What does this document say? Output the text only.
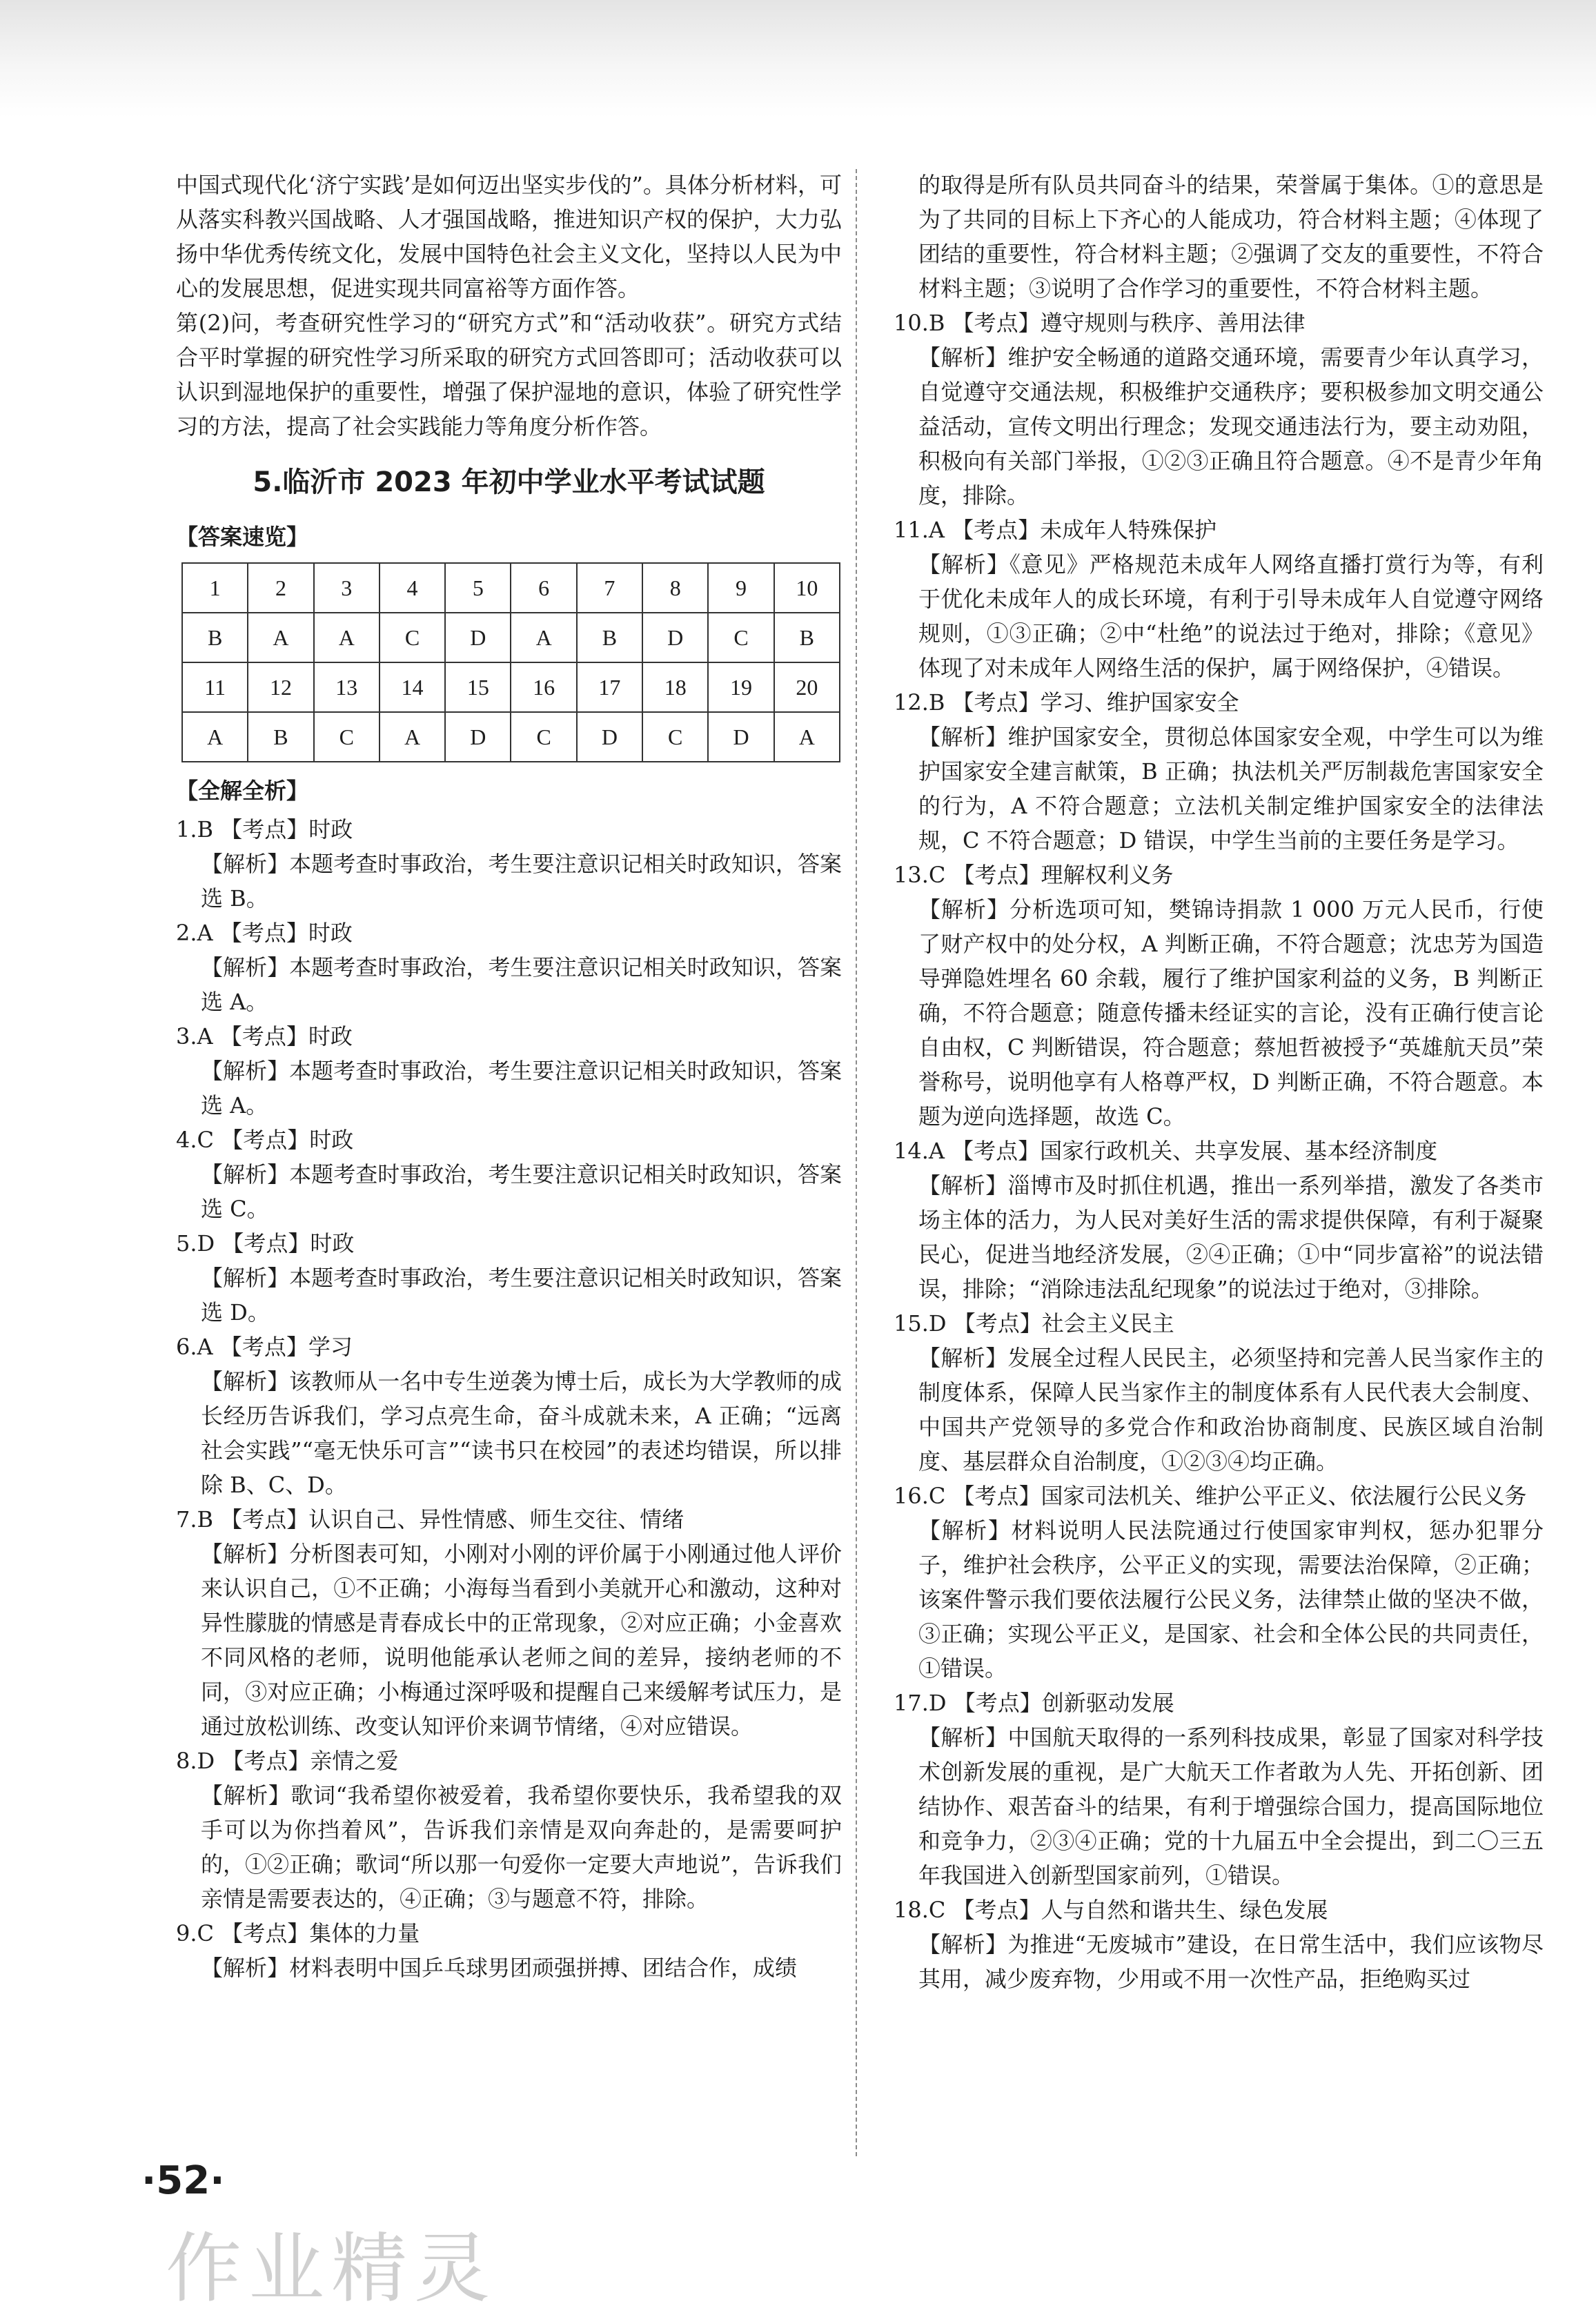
中国式现代化‘济宁实践’是如何迈出坚实步伐的”。具体分析材料，可从落实科教兴国战略、人才强国战略，推进知识产权的保护，大力弘扬中华优秀传统文化，发展中国特色社会主义文化，坚持以人民为中心的发展思想，促进实现共同富裕等方面作答。

第(2)问，考查研究性学习的“研究方式”和“活动收获”。研究方式结合平时掌握的研究性学习所采取的研究方式回答即可；活动收获可以认识到湿地保护的重要性，增强了保护湿地的意识，体验了研究性学习的方法，提高了社会实践能力等角度分析作答。

5.临沂市 2023 年初中学业水平考试试题
【答案速览】
1	2	3	4	5	6	7	8	9	10
B	A	A	C	D	A	B	D	C	B
11	12	13	14	15	16	17	18	19	20
A	B	C	A	D	C	D	C	D	A
【全解全析】

1.B 【考点】时政

【解析】本题考查时事政治，考生要注意识记相关时政知识，答案选 B。

2.A 【考点】时政

【解析】本题考查时事政治，考生要注意识记相关时政知识，答案选 A。

3.A 【考点】时政

【解析】本题考查时事政治，考生要注意识记相关时政知识，答案选 A。

4.C 【考点】时政

【解析】本题考查时事政治，考生要注意识记相关时政知识，答案选 C。

5.D 【考点】时政

【解析】本题考查时事政治，考生要注意识记相关时政知识，答案选 D。

6.A 【考点】学习

【解析】该教师从一名中专生逆袭为博士后，成长为大学教师的成长经历告诉我们，学习点亮生命，奋斗成就未来，A 正确；“远离社会实践”“毫无快乐可言”“读书只在校园”的表述均错误，所以排除 B、C、D。

7.B 【考点】认识自己、异性情感、师生交往、情绪

【解析】分析图表可知，小刚对小刚的评价属于小刚通过他人评价来认识自己，①不正确；小海每当看到小美就开心和激动，这种对异性朦胧的情感是青春成长中的正常现象，②对应正确；小金喜欢不同风格的老师，说明他能承认老师之间的差异，接纳老师的不同，③对应正确；小梅通过深呼吸和提醒自己来缓解考试压力，是通过放松训练、改变认知评价来调节情绪，④对应错误。

8.D 【考点】亲情之爱

【解析】歌词“我希望你被爱着，我希望你要快乐，我希望我的双手可以为你挡着风”，告诉我们亲情是双向奔赴的，是需要呵护的，①②正确；歌词“所以那一句爱你一定要大声地说”，告诉我们亲情是需要表达的，④正确；③与题意不符，排除。

9.C 【考点】集体的力量

【解析】材料表明中国乒乓球男团顽强拼搏、团结合作，成绩

的取得是所有队员共同奋斗的结果，荣誉属于集体。①的意思是为了共同的目标上下齐心的人能成功，符合材料主题；④体现了团结的重要性，符合材料主题；②强调了交友的重要性，不符合材料主题；③说明了合作学习的重要性，不符合材料主题。

10.B 【考点】遵守规则与秩序、善用法律

【解析】维护安全畅通的道路交通环境，需要青少年认真学习，自觉遵守交通法规，积极维护交通秩序；要积极参加文明交通公益活动，宣传文明出行理念；发现交通违法行为，要主动劝阻，积极向有关部门举报，①②③正确且符合题意。④不是青少年角度，排除。

11.A 【考点】未成年人特殊保护

【解析】《意见》严格规范未成年人网络直播打赏行为等，有利于优化未成年人的成长环境，有利于引导未成年人自觉遵守网络规则，①③正确；②中“杜绝”的说法过于绝对，排除；《意见》体现了对未成年人网络生活的保护，属于网络保护，④错误。

12.B 【考点】学习、维护国家安全

【解析】维护国家安全，贯彻总体国家安全观，中学生可以为维护国家安全建言献策，B 正确；执法机关严厉制裁危害国家安全的行为，A 不符合题意；立法机关制定维护国家安全的法律法规，C 不符合题意；D 错误，中学生当前的主要任务是学习。

13.C 【考点】理解权利义务

【解析】分析选项可知，樊锦诗捐款 1 000 万元人民币，行使了财产权中的处分权，A 判断正确，不符合题意；沈忠芳为国造导弹隐姓埋名 60 余载，履行了维护国家利益的义务，B 判断正确，不符合题意；随意传播未经证实的言论，没有正确行使言论自由权，C 判断错误，符合题意；蔡旭哲被授予“英雄航天员”荣誉称号，说明他享有人格尊严权，D 判断正确，不符合题意。本题为逆向选择题，故选 C。

14.A 【考点】国家行政机关、共享发展、基本经济制度

【解析】淄博市及时抓住机遇，推出一系列举措，激发了各类市场主体的活力，为人民对美好生活的需求提供保障，有利于凝聚民心，促进当地经济发展，②④正确；①中“同步富裕”的说法错误，排除；“消除违法乱纪现象”的说法过于绝对，③排除。

15.D 【考点】社会主义民主

【解析】发展全过程人民民主，必须坚持和完善人民当家作主的制度体系，保障人民当家作主的制度体系有人民代表大会制度、中国共产党领导的多党合作和政治协商制度、民族区域自治制度、基层群众自治制度，①②③④均正确。

16.C 【考点】国家司法机关、维护公平正义、依法履行公民义务

【解析】材料说明人民法院通过行使国家审判权，惩办犯罪分子，维护社会秩序，公平正义的实现，需要法治保障，②正确；该案件警示我们要依法履行公民义务，法律禁止做的坚决不做，③正确；实现公平正义，是国家、社会和全体公民的共同责任，①错误。

17.D 【考点】创新驱动发展

【解析】中国航天取得的一系列科技成果，彰显了国家对科学技术创新发展的重视，是广大航天工作者敢为人先、开拓创新、团结协作、艰苦奋斗的结果，有利于增强综合国力，提高国际地位和竞争力，②③④正确；党的十九届五中全会提出，到二〇三五年我国进入创新型国家前列，①错误。

18.C 【考点】人与自然和谐共生、绿色发展

【解析】为推进“无废城市”建设，在日常生活中，我们应该物尽其用，减少废弃物，少用或不用一次性产品，拒绝购买过

·52·
作业精灵
